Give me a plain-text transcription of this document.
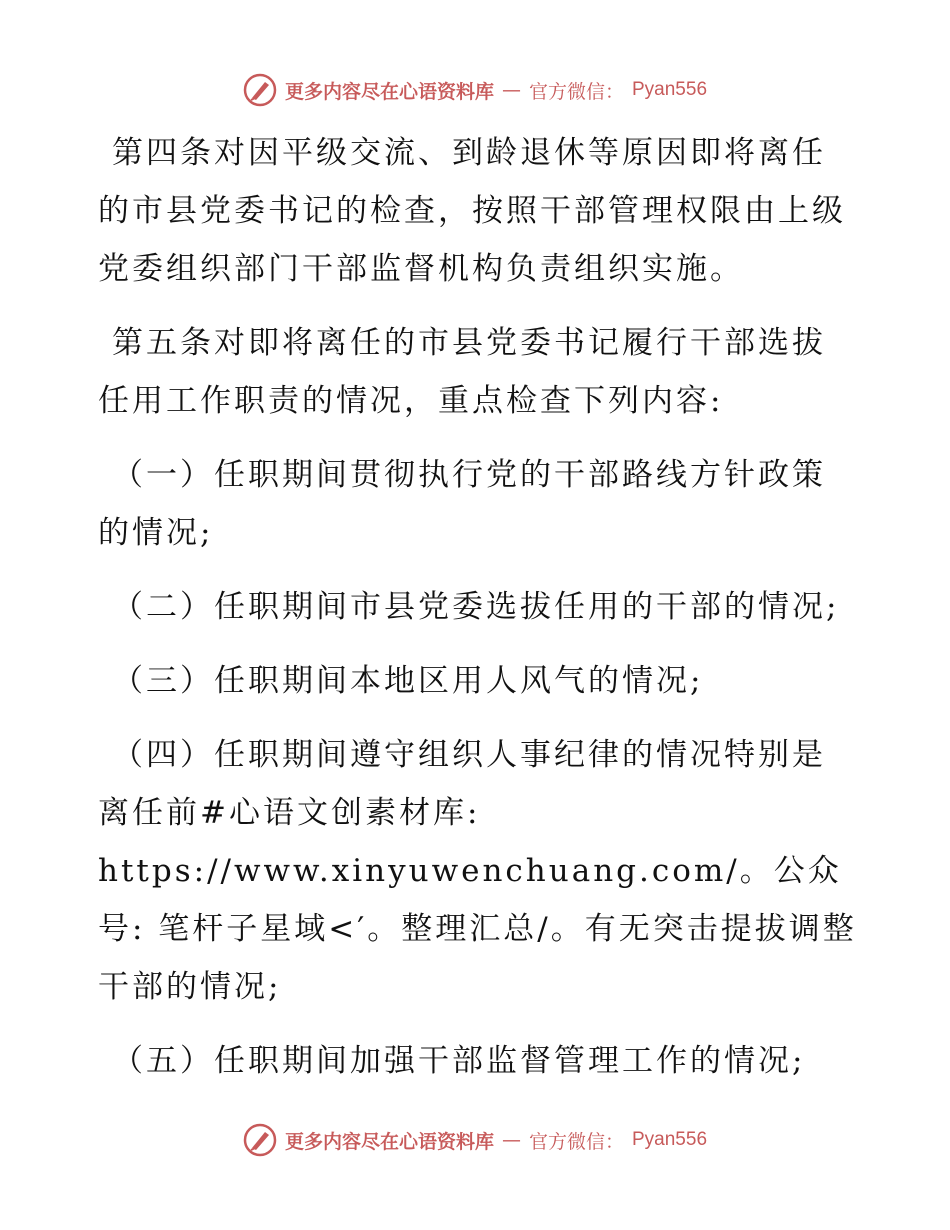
更多内容尽在心语资料库 — 官方微信： Pyan556

第四条对因平级交流、到龄退休等原因即将离任的市县党委书记的检查，按照干部管理权限由上级党委组织部门干部监督机构负责组织实施。

第五条对即将离任的市县党委书记履行干部选拔任用工作职责的情况，重点检查下列内容:

（一）任职期间贯彻执行党的干部路线方针政策的情况;

（二）任职期间市县党委选拔任用的干部的情况;

（三）任职期间本地区用人风气的情况;

（四）任职期间遵守组织人事纪律的情况特别是离任前#心语文创素材库: https://www.xinyuwenchuang.com/。公众号: 笔杆子星域<′。整理汇总/。有无突击提拔调整干部的情况;

（五）任职期间加强干部监督管理工作的情况;

更多内容尽在心语资料库 — 官方微信： Pyan556
